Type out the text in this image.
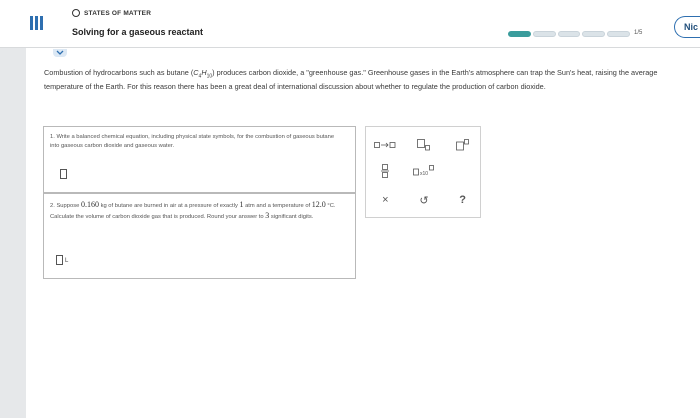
STATES OF MATTER
Solving for a gaseous reactant	1/5
Nic
Combustion of hydrocarbons such as butane $(C_4H_{10})$ produces carbon dioxide, a "greenhouse gas." Greenhouse gases in the Earth's atmosphere can trap the Sun's heat, raising the average temperature of the Earth. For this reason there has been a great deal of international discussion about whether to regulate the production of carbon dioxide.
1. Write a balanced chemical equation, including physical state symbols, for the combustion of gaseous butane into gaseous carbon dioxide and gaseous water.
2. Suppose 0.160 kg of butane are burned in air at a pressure of exactly 1 atm and a temperature of 12.0 °C. Calculate the volume of carbon dioxide gas that is produced. Round your answer to 3 significant digits.
L
x10
×	↺	?
